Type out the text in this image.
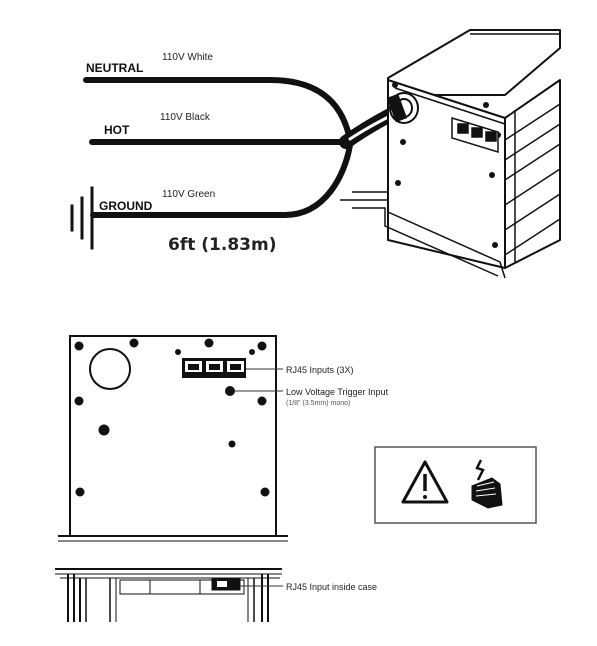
NEUTRAL
110V White
HOT
110V Black
GROUND
110V Green
6ft (1.83m)
RJ45 Inputs (3X)
Low Voltage Trigger Input
(1/8" (3.5mm) mono)
RJ45 Input inside case
